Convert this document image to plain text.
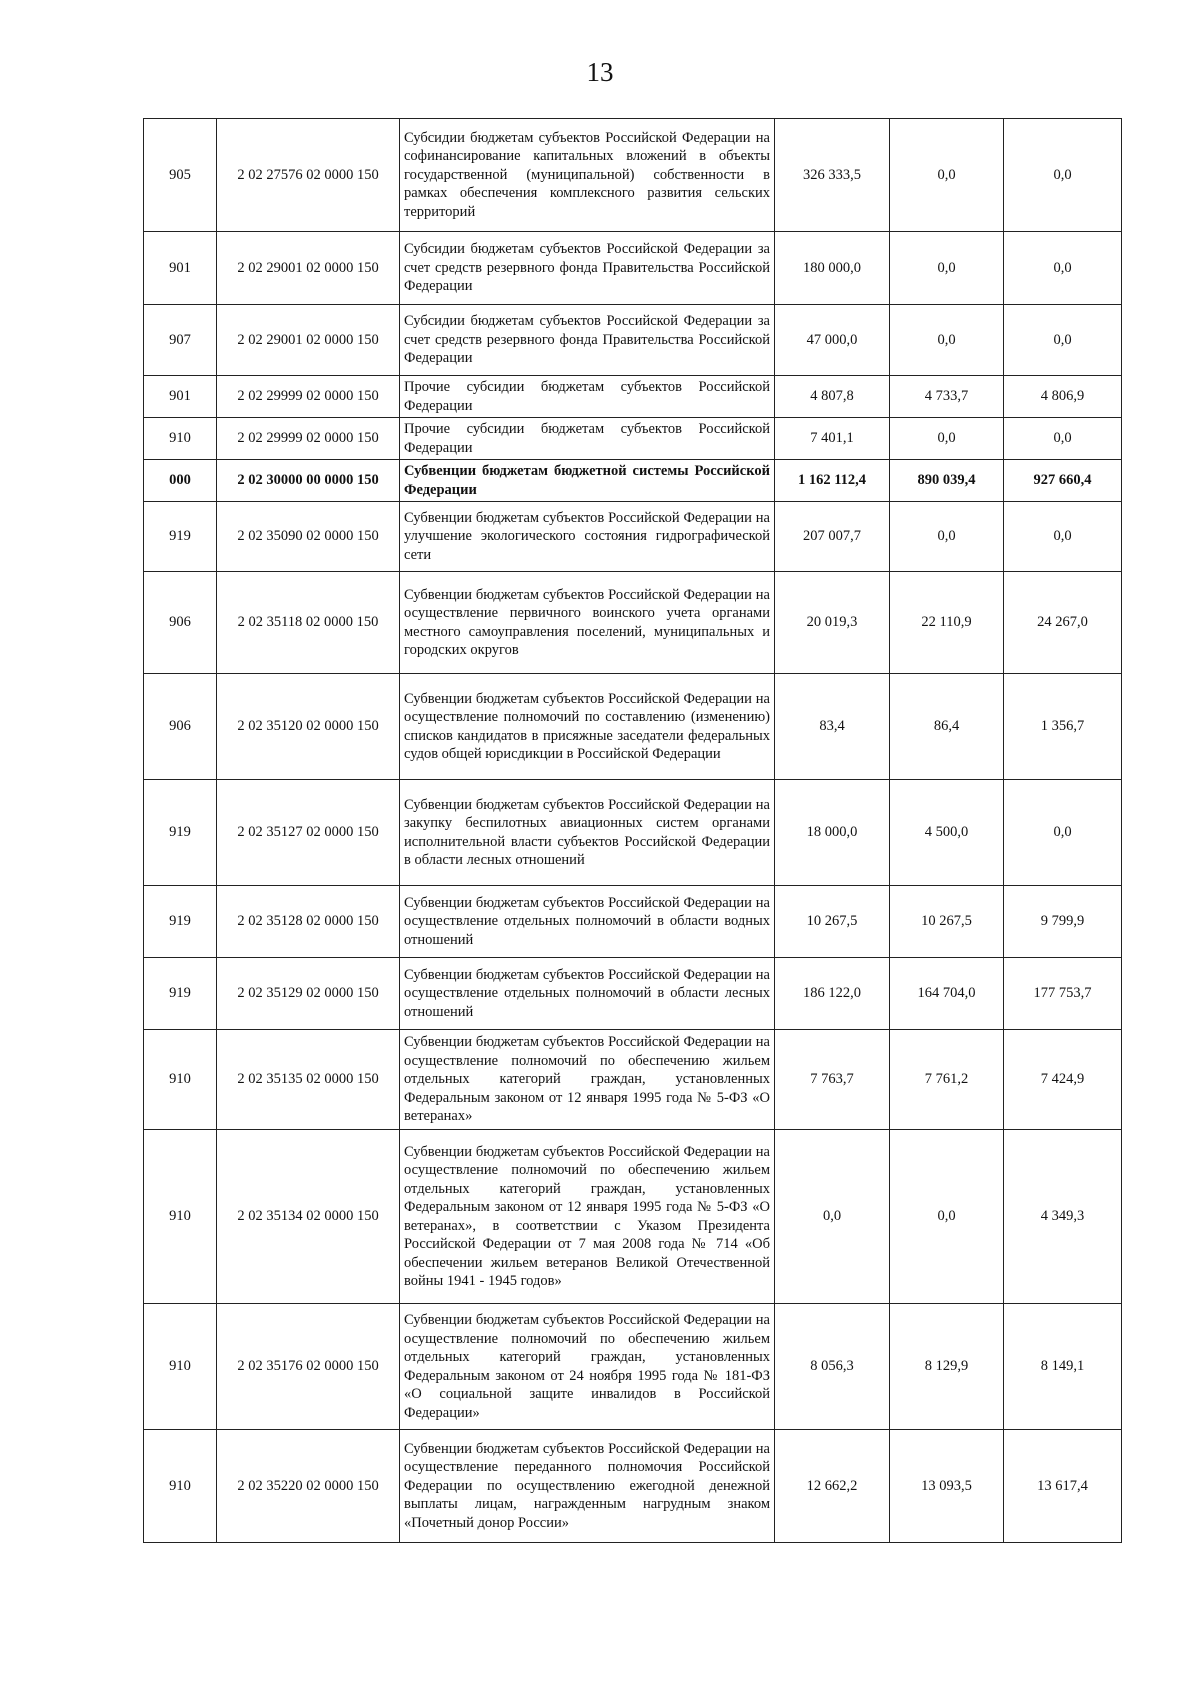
13
905	2 02 27576 02 0000 150	Субсидии бюджетам субъектов Российской Федерации на софинансирование капитальных вложений в объекты государственной (муниципальной) собственности в рамках обеспечения комплексного развития сельских территорий	326 333,5	0,0	0,0
901	2 02 29001 02 0000 150	Субсидии бюджетам субъектов Российской Федерации за счет средств резервного фонда Правительства Российской Федерации	180 000,0	0,0	0,0
907	2 02 29001 02 0000 150	Субсидии бюджетам субъектов Российской Федерации за счет средств резервного фонда Правительства Российской Федерации	47 000,0	0,0	0,0
901	2 02 29999 02 0000 150	Прочие субсидии бюджетам субъектов Российской Федерации	4 807,8	4 733,7	4 806,9
910	2 02 29999 02 0000 150	Прочие субсидии бюджетам субъектов Российской Федерации	7 401,1	0,0	0,0
000	2 02 30000 00 0000 150	Субвенции бюджетам бюджетной системы Российской Федерации	1 162 112,4	890 039,4	927 660,4
919	2 02 35090 02 0000 150	Субвенции бюджетам субъектов Российской Федерации на улучшение экологического состояния гидрографической сети	207 007,7	0,0	0,0
906	2 02 35118 02 0000 150	Субвенции бюджетам субъектов Российской Федерации на осуществление первичного воинского учета органами местного самоуправления поселений, муниципальных и городских округов	20 019,3	22 110,9	24 267,0
906	2 02 35120 02 0000 150	Субвенции бюджетам субъектов Российской Федерации на осуществление полномочий по составлению (изменению) списков кандидатов в присяжные заседатели федеральных судов общей юрисдикции в Российской Федерации	83,4	86,4	1 356,7
919	2 02 35127 02 0000 150	Субвенции бюджетам субъектов Российской Федерации на закупку беспилотных авиационных систем органами исполнительной власти субъектов Российской Федерации в области лесных отношений	18 000,0	4 500,0	0,0
919	2 02 35128 02 0000 150	Субвенции бюджетам субъектов Российской Федерации на осуществление отдельных полномочий в области водных отношений	10 267,5	10 267,5	9 799,9
919	2 02 35129 02 0000 150	Субвенции бюджетам субъектов Российской Федерации на осуществление отдельных полномочий в области лесных отношений	186 122,0	164 704,0	177 753,7
910	2 02 35135 02 0000 150	Субвенции бюджетам субъектов Российской Федерации на осуществление полномочий по обеспечению жильем отдельных категорий граждан, установленных Федеральным законом от 12 января 1995 года № 5-ФЗ «О ветеранах»	7 763,7	7 761,2	7 424,9
910	2 02 35134 02 0000 150	Субвенции бюджетам субъектов Российской Федерации на осуществление полномочий по обеспечению жильем отдельных категорий граждан, установленных Федеральным законом от 12 января 1995 года № 5-ФЗ «О ветеранах», в соответствии с Указом Президента Российской Федерации от 7 мая 2008 года № 714 «Об обеспечении жильем ветеранов Великой Отечественной войны 1941 - 1945 годов»	0,0	0,0	4 349,3
910	2 02 35176 02 0000 150	Субвенции бюджетам субъектов Российской Федерации на осуществление полномочий по обеспечению жильем отдельных категорий граждан, установленных Федеральным законом от 24 ноября 1995 года № 181-ФЗ «О социальной защите инвалидов в Российской Федерации»	8 056,3	8 129,9	8 149,1
910	2 02 35220 02 0000 150	Субвенции бюджетам субъектов Российской Федерации на осуществление переданного полномочия Российской Федерации по осуществлению ежегодной денежной выплаты лицам, награжденным нагрудным знаком «Почетный донор России»	12 662,2	13 093,5	13 617,4
